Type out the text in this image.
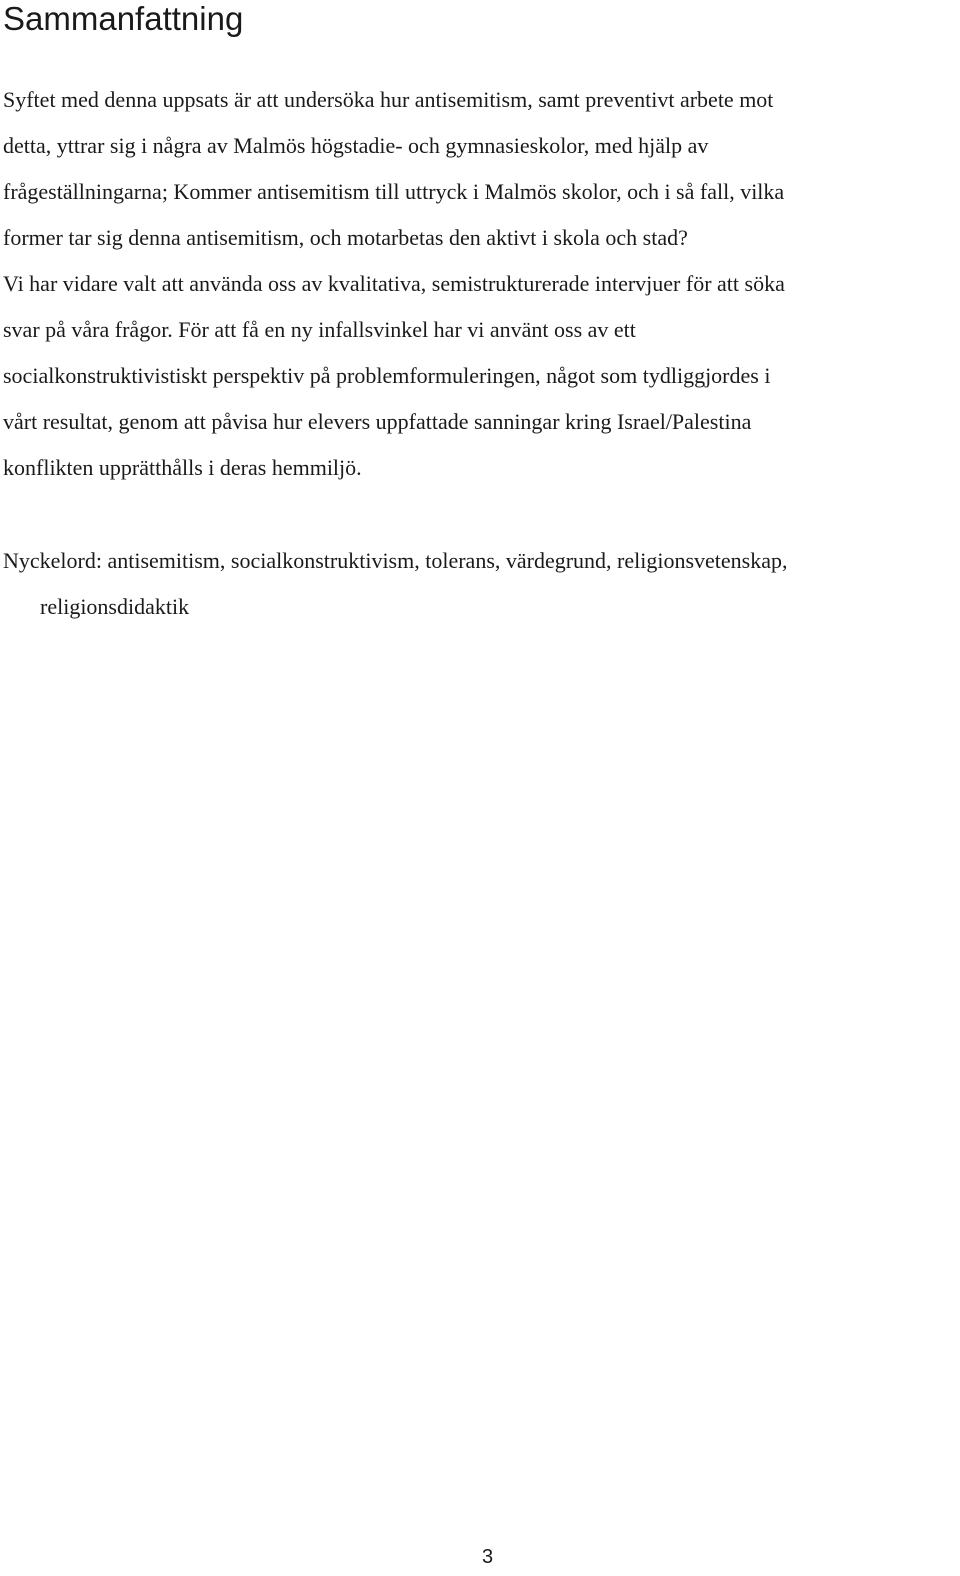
Sammanfattning

Syftet med denna uppsats är att undersöka hur antisemitism, samt preventivt arbete mot

detta, yttrar sig i några av Malmös högstadie- och gymnasieskolor, med hjälp av

frågeställningarna; Kommer antisemitism till uttryck i Malmös skolor, och i så fall, vilka

former tar sig denna antisemitism, och motarbetas den aktivt i skola och stad?

Vi har vidare valt att använda oss av kvalitativa, semistrukturerade intervjuer för att söka

svar på våra frågor. För att få en ny infallsvinkel har vi använt oss av ett

socialkonstruktivistiskt perspektiv på problemformuleringen, något som tydliggjordes i

vårt resultat, genom att påvisa hur elevers uppfattade sanningar kring Israel/Palestina

konflikten upprätthålls i deras hemmiljö.

Nyckelord: antisemitism, socialkonstruktivism, tolerans, värdegrund, religionsvetenskap,

religionsdidaktik

3
